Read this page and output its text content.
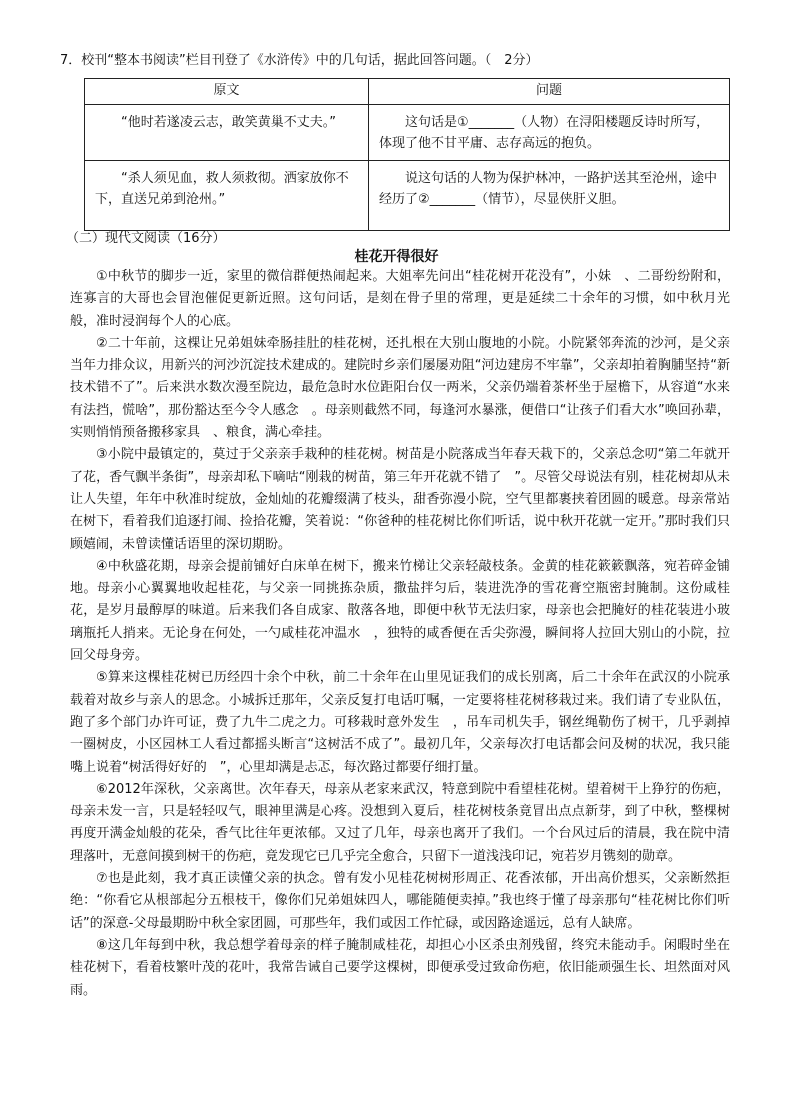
7．校刊“整本书阅读”栏目刊登了《水浒传》中的几句话，据此回答问题。（　2分）
原文	问题

“他时若遂凌云志，敢笑黄巢不丈夫。”	这句话是①_______（人物）在浔阳楼题反诗时所写，体现了他不甘平庸、志存高远的抱负。

“杀人须见血，救人须救彻。洒家放你不下，直送兄弟到沧州。”	说这句话的人物为保护林冲，一路护送其至沧州，途中经历了②_______（情节），尽显侠肝义胆。
（二）现代文阅读（16分）
桂花开得很好

①中秋节的脚步一近，家里的微信群便热闹起来。大姐率先问出“桂花树开花没有”，小妹　、二哥纷纷附和，连寡言的大哥也会冒泡催促更新近照。这句问话，是刻在骨子里的常理，更是延续二十余年的习惯，如中秋月光般，准时浸润每个人的心底。

②二十年前，这棵让兄弟姐妹牵肠挂肚的桂花树，还扎根在大别山腹地的小院。小院紧邻奔流的沙河，是父亲当年力排众议，用新兴的河沙沉淀技术建成的。建院时乡亲们屡屡劝阻“河边建房不牢靠”，父亲却拍着胸脯坚持“新技术错不了”。后来洪水数次漫至院边，最危急时水位距阳台仅一两米，父亲仍端着茶杯坐于屋檐下，从容道“水来有法挡，慌啥”，那份豁达至今令人感念　。母亲则截然不同，每逢河水暴涨，便借口“让孩子们看大水”唤回孙辈，实则悄悄预备搬移家具　、粮食，满心牵挂。

③小院中最镇定的，莫过于父亲亲手栽种的桂花树。树苗是小院落成当年春天栽下的，父亲总念叨“第二年就开了花，香气飘半条街”，母亲却私下嘀咕“刚栽的树苗，第三年开花就不错了　”。尽管父母说法有别，桂花树却从未让人失望，年年中秋准时绽放，金灿灿的花瓣缀满了枝头，甜香弥漫小院，空气里都裹挟着团圆的暖意。母亲常站在树下，看着我们追逐打闹、捡拾花瓣，笑着说：“你爸种的桂花树比你们听话，说中秋开花就一定开。”那时我们只顾嬉闹，未曾读懂话语里的深切期盼。

④中秋盛花期，母亲会提前铺好白床单在树下，搬来竹梯让父亲轻敲枝条。金黄的桂花簌簌飘落，宛若碎金铺地。母亲小心翼翼地收起桂花，与父亲一同挑拣杂质，撒盐拌匀后，装进洗净的雪花膏空瓶密封腌制。这份咸桂花，是岁月最醇厚的味道。后来我们各自成家、散落各地，即便中秋节无法归家，母亲也会把腌好的桂花装进小玻璃瓶托人捎来。无论身在何处，一勺咸桂花冲温水　，独特的咸香便在舌尖弥漫，瞬间将人拉回大别山的小院，拉回父母身旁。

⑤算来这棵桂花树已历经四十余个中秋，前二十余年在山里见证我们的成长别离，后二十余年在武汉的小院承载着对故乡与亲人的思念。小城拆迁那年，父亲反复打电话叮嘱，一定要将桂花树移栽过来。我们请了专业队伍，跑了多个部门办许可证，费了九牛二虎之力。可移栽时意外发生　，吊车司机失手，钢丝绳勒伤了树干，几乎剥掉一圈树皮，小区园林工人看过都摇头断言“这树活不成了”。最初几年，父亲每次打电话都会问及树的状况，我只能嘴上说着“树活得好好的　”，心里却满是忐忑，每次路过都要仔细打量。

⑥2012年深秋，父亲离世。次年春天，母亲从老家来武汉，特意到院中看望桂花树。望着树干上狰狞的伤疤，母亲未发一言，只是轻轻叹气，眼神里满是心疼。没想到入夏后，桂花树枝条竟冒出点点新芽，到了中秋，整棵树再度开满金灿般的花朵，香气比往年更浓郁。又过了几年，母亲也离开了我们。一个台风过后的清晨，我在院中清理落叶，无意间摸到树干的伤疤，竟发现它已几乎完全愈合，只留下一道浅浅印记，宛若岁月镌刻的勋章。

⑦也是此刻，我才真正读懂父亲的执念。曾有发小见桂花树树形周正、花香浓郁，开出高价想买，父亲断然拒绝：“你看它从根部起分五根枝干，像你们兄弟姐妹四人，哪能随便卖掉。”我也终于懂了母亲那句“桂花树比你们听话”的深意-父母最期盼中秋全家团圆，可那些年，我们或因工作忙碌，或因路途遥远，总有人缺席。

⑧这几年每到中秋，我总想学着母亲的样子腌制咸桂花，却担心小区杀虫剂残留，终究未能动手。闲暇时坐在桂花树下，看着枝繁叶茂的花叶，我常告诫自己要学这棵树，即便承受过致命伤疤，依旧能顽强生长、坦然面对风雨。
